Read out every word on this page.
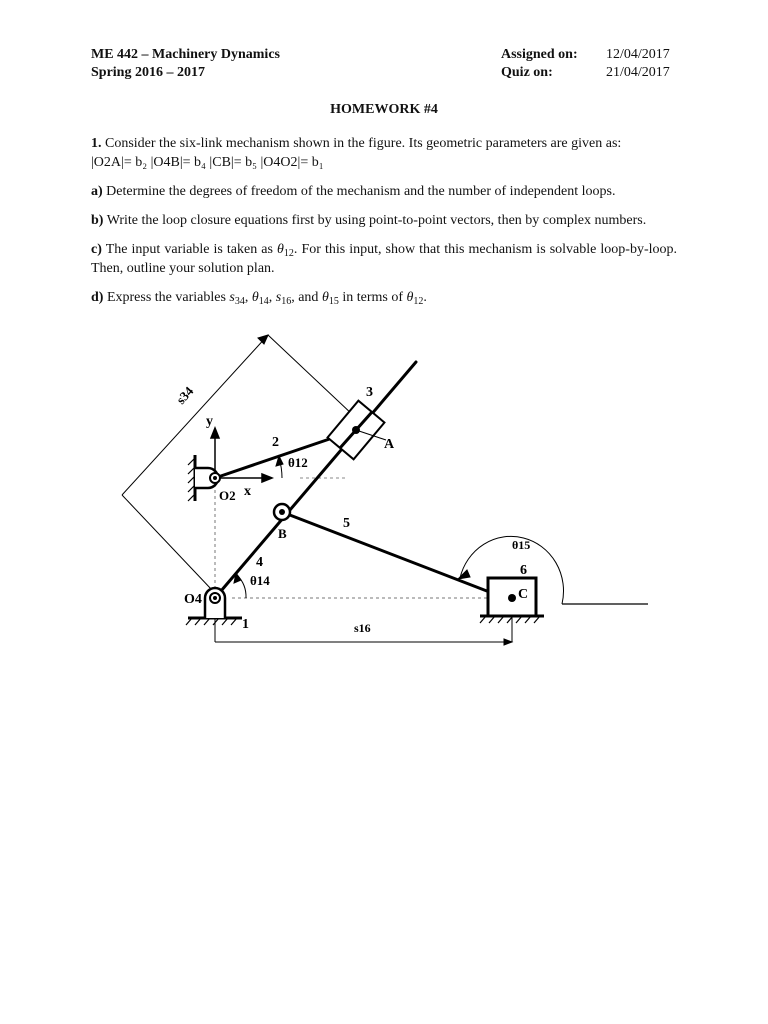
ME 442 – Machinery Dynamics	Assigned on: 12/04/2017
Spring 2016 – 2017	Quiz on:	21/04/2017
HOMEWORK #4

1. Consider the six-link mechanism shown in the figure. Its geometric parameters are given as:
|O2A|= b₂ |O4B|= b₄ |CB|= b₅ |O4O2|= b₁

a) Determine the degrees of freedom of the mechanism and the number of independent loops.

b) Write the loop closure equations first by using point-to-point vectors, then by complex numbers.

c) The input variable is taken as $\theta_{12}$. For this input, show that this mechanism is solvable loop-by-loop. Then, outline your solution plan.

d) Express the variables $s_{34}$, $\theta_{14}$, $s_{16}$, and $\theta_{15}$ in terms of $\theta_{12}$.

s34
y
x
2
3
A
θ12
O2
B
5
4
θ14
O4
1	s16
θ15
6
C
